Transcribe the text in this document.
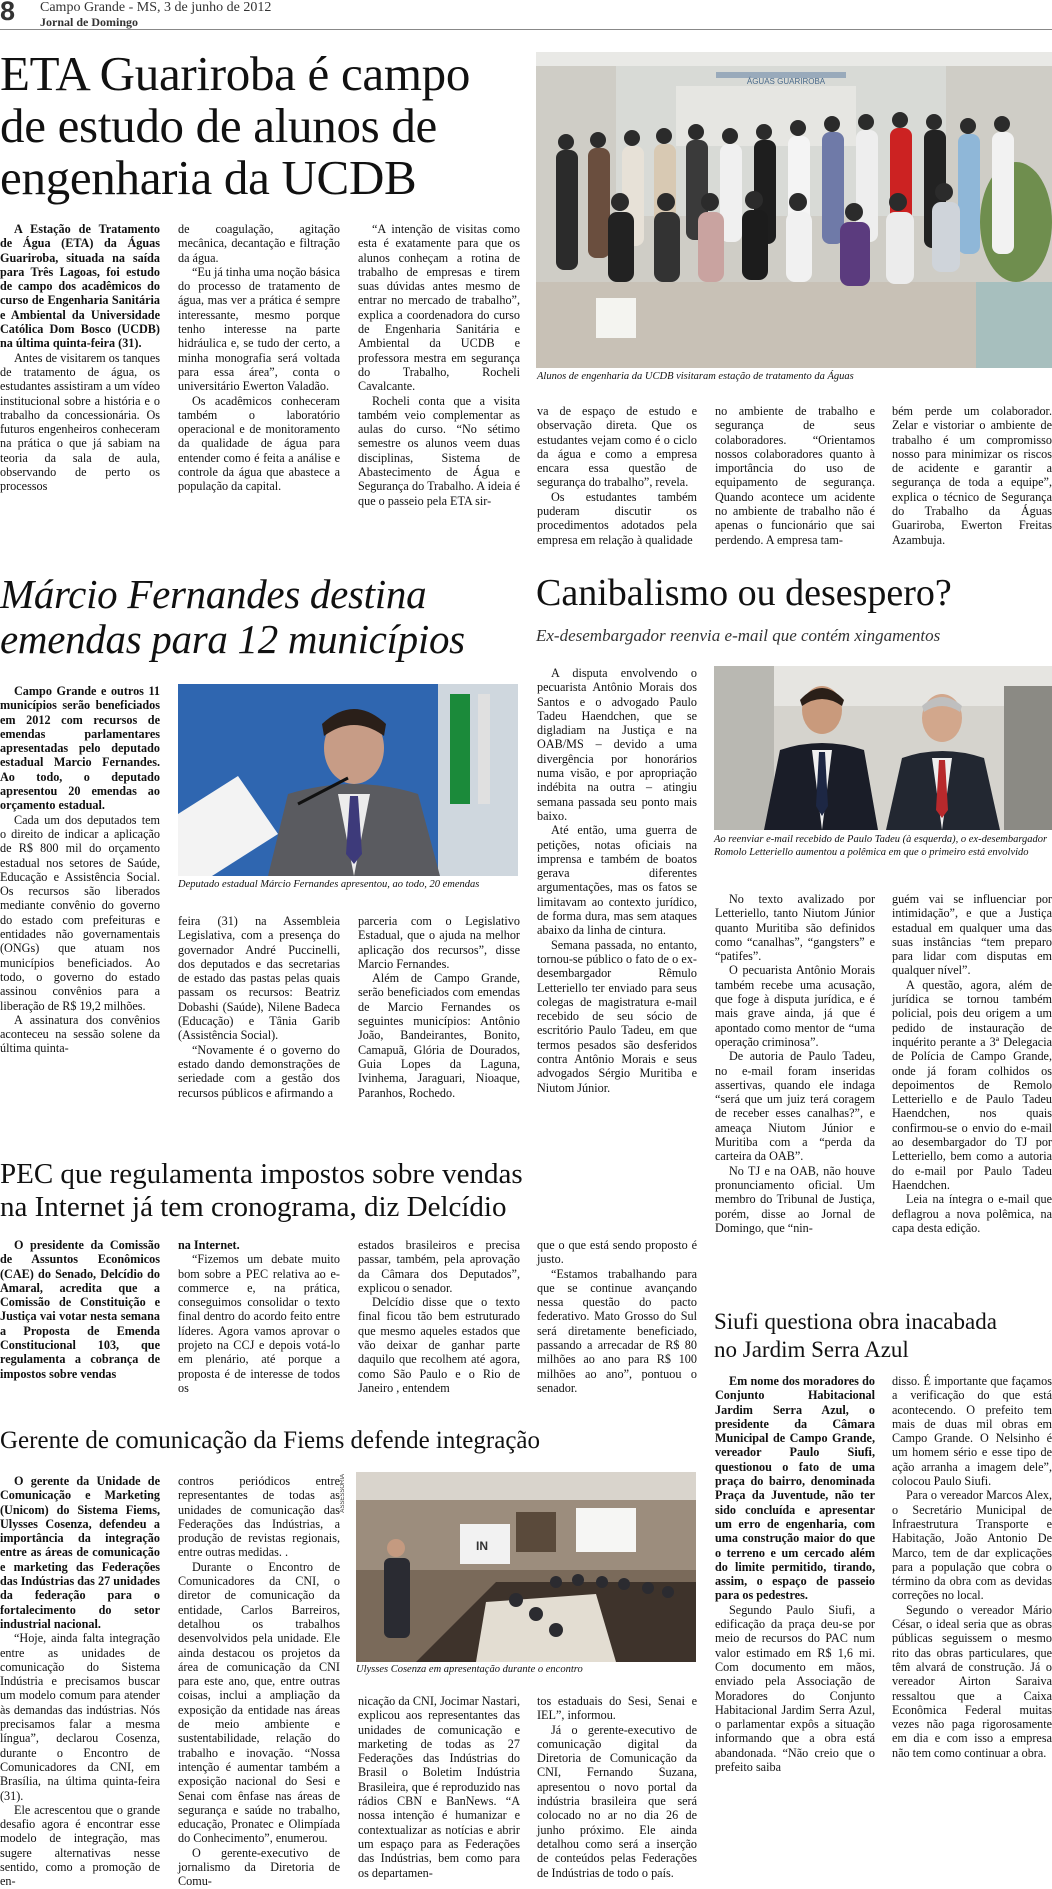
8 Campo Grande - MS, 3 de junho de 2012
Jornal de Domingo
ETA Guariroba é campo
de estudo de alunos de
engenharia da UCDB
ÁGUAS GUARIROBA
Alunos de engenharia da UCDB visitaram estação de tratamento da Águas

A Estação de Tratamento de Água (ETA) da Águas Guariroba, situada na saída para Três Lagoas, foi estudo de campo dos acadêmicos do curso de Engenharia Sanitária e Ambiental da Universidade Católica Dom Bosco (UCDB) na última quinta-feira (31).

Antes de visitarem os tanques de tratamento de água, os estudantes assistiram a um vídeo institucional sobre a história e o trabalho da concessionária. Os futuros engenheiros conheceram na prática o que já sabiam na teoria da sala de aula, observando de perto os processos

de coagulação, agitação mecânica, decantação e filtração da água.

“Eu já tinha uma noção básica do processo de tratamento de água, mas ver a prática é sempre interessante, mesmo porque tenho interesse na parte hidráulica e, se tudo der certo, a minha monografia será voltada para essa área”, conta o universitário Ewerton Valadão.

Os acadêmicos conheceram também o laboratório operacional e de monitoramento da qualidade de água para entender como é feita a análise e controle da água que abastece a população da capital.

“A intenção de visitas como esta é exatamente para que os alunos conheçam a rotina de trabalho de empresas e tirem suas dúvidas antes mesmo de entrar no mercado de trabalho”, explica a coordenadora do curso de Engenharia Sanitária e Ambiental da UCDB e professora mestra em segurança do Trabalho, Rocheli Cavalcante.

Rocheli conta que a visita também veio complementar as aulas do curso. “No sétimo semestre os alunos veem duas disciplinas, Sistema de Abastecimento de Água e Segurança do Trabalho. A ideia é que o passeio pela ETA sir-

va de espaço de estudo e observação direta. Que os estudantes vejam como é o ciclo da água e como a empresa encara essa questão de segurança do trabalho”, revela.

Os estudantes também puderam discutir os procedimentos adotados pela empresa em relação à qualidade

no ambiente de trabalho e segurança de seus colaboradores. “Orientamos nossos colaboradores quanto à importância do uso de equipamento de segurança. Quando acontece um acidente no ambiente de trabalho não é apenas o funcionário que sai perdendo. A empresa tam-

bém perde um colaborador. Zelar e vistoriar o ambiente de trabalho é um compromisso nosso para minimizar os riscos de acidente e garantir a segurança de toda a equipe”, explica o técnico de Segurança do Trabalho da Águas Guariroba, Ewerton Freitas Azambuja.

Márcio Fernandes destina
emendas para 12 municípios
Deputado estadual Márcio Fernandes apresentou, ao todo, 20 emendas

Campo Grande e outros 11 municípios serão beneficiados em 2012 com recursos de emendas parlamentares apresentadas pelo deputado estadual Marcio Fernandes. Ao todo, o deputado apresentou 20 emendas ao orçamento estadual.

Cada um dos deputados tem o direito de indicar a aplicação de R$ 800 mil do orçamento estadual nos setores de Saúde, Educação e Assistência Social. Os recursos são liberados mediante convênio do governo do estado com prefeituras e entidades não governamentais (ONGs) que atuam nos municípios beneficiados. Ao todo, o governo do estado assinou convênios para a liberação de R$ 19,2 milhões.

A assinatura dos convênios aconteceu na sessão solene da última quinta-

feira (31) na Assembleia Legislativa, com a presença do governador André Puccinelli, dos deputados e das secretarias de estado das pastas pelas quais passam os recursos: Beatriz Dobashi (Saúde), Nilene Badeca (Educação) e Tânia Garib (Assistência Social).

“Novamente é o governo do estado dando demonstrações de seriedade com a gestão dos recursos públicos e afirmando a

parceria com o Legislativo Estadual, que o ajuda na melhor aplicação dos recursos”, disse Marcio Fernandes.

Além de Campo Grande, serão beneficiados com emendas de Marcio Fernandes os seguintes municípios: Antônio João, Bandeirantes, Bonito, Camapuã, Glória de Dourados, Guia Lopes da Laguna, Ivinhema, Jaraguari, Nioaque, Paranhos, Rochedo.

Canibalismo ou desespero?
Ex-desembargador reenvia e-mail que contém xingamentos
Ao reenviar e-mail recebido de Paulo Tadeu (à esquerda), o ex-desembargador Romolo Letteriello aumentou a polêmica em que o primeiro está envolvido

A disputa envolvendo o pecuarista Antônio Morais dos Santos e o advogado Paulo Tadeu Haendchen, que se digladiam na Justiça e na OAB/MS – devido a uma divergência por honorários numa visão, e por apropriação indébita na outra – atingiu semana passada seu ponto mais baixo.

Até então, uma guerra de petições, notas oficiais na imprensa e também de boatos gerava diferentes argumentações, mas os fatos se limitavam ao contexto jurídico, de forma dura, mas sem ataques abaixo da linha de cintura.

Semana passada, no entanto, tornou-se público o fato de o ex-desembargador Rêmulo Letteriello ter enviado para seus colegas de magistratura e-mail recebido de seu sócio de escritório Paulo Tadeu, em que termos pesados são desferidos contra Antônio Morais e seus advogados Sérgio Muritiba e Niutom Júnior.

No texto avalizado por Letteriello, tanto Niutom Júnior quanto Muritiba são definidos como “canalhas”, “gangsters” e “patifes”.

O pecuarista Antônio Morais também recebe uma acusação, que foge à disputa jurídica, e é mais grave ainda, já que é apontado como mentor de “uma operação criminosa”.

De autoria de Paulo Tadeu, no e-mail foram inseridas assertivas, quando ele indaga “será que um juiz terá coragem de receber esses canalhas?”, e ameaça Niutom Júnior e Muritiba com a “perda da carteira da OAB”.

No TJ e na OAB, não houve pronunciamento oficial. Um membro do Tribunal de Justiça, porém, disse ao Jornal de Domingo, que “nin-

guém vai se influenciar por intimidação”, e que a Justiça estadual em qualquer uma das suas instâncias “tem preparo para lidar com disputas em qualquer nível”.

A questão, agora, além de jurídica se tornou também policial, pois deu origem a um pedido de instauração de inquérito perante a 3ª Delegacia de Polícia de Campo Grande, onde já foram colhidos os depoimentos de Remolo Letteriello e de Paulo Tadeu Haendchen, nos quais confirmou-se o envio do e-mail ao desembargador do TJ por Letteriello, bem como a autoria do e-mail por Paulo Tadeu Haendchen.

Leia na íntegra o e-mail que deflagrou a nova polêmica, na capa desta edição.

PEC que regulamenta impostos sobre vendas
na Internet já tem cronograma, diz Delcídio

O presidente da Comissão de Assuntos Econômicos (CAE) do Senado, Delcídio do Amaral, acredita que a Comissão de Constituição e Justiça vai votar nesta semana a Proposta de Emenda Constitucional 103, que regulamenta a cobrança de impostos sobre vendas

na Internet.

“Fizemos um debate muito bom sobre a PEC relativa ao e-commerce e, na prática, conseguimos consolidar o texto final dentro do acordo feito entre líderes. Agora vamos aprovar o projeto na CCJ e depois votá-lo em plenário, até porque a proposta é de interesse de todos os

estados brasileiros e precisa passar, também, pela aprovação da Câmara dos Deputados”, explicou o senador.

Delcídio disse que o texto final ficou tão bem estruturado que mesmo aqueles estados que vão deixar de ganhar parte daquilo que recolhem até agora, como São Paulo e o Rio de Janeiro , entendem

que o que está sendo proposto é justo.

“Estamos trabalhando para que se continue avançando nessa questão do pacto federativo. Mato Grosso do Sul será diretamente beneficiado, passando a arrecadar de R$ 80 milhões ao ano para R$ 100 milhões ao ano”, pontuou o senador.

Siufi questiona obra inacabada
no Jardim Serra Azul

Em nome dos moradores do Conjunto Habitacional Jardim Serra Azul, o presidente da Câmara Municipal de Campo Grande, vereador Paulo Siufi, questionou o fato de uma praça do bairro, denominada Praça da Juventude, não ter sido concluída e apresentar um erro de engenharia, com uma construção maior do que o terreno e um cercado além do limite permitido, tirando, assim, o espaço de passeio para os pedestres.

Segundo Paulo Siufi, a edificação da praça deu-se por meio de recursos do PAC num valor estimado em R$ 1,6 mi. Com documento em mãos, enviado pela Associação de Moradores do Conjunto Habitacional Jardim Serra Azul, o parlamentar expôs a situação informando que a obra está abandonada. “Não creio que o prefeito saiba

disso. É importante que façamos a verificação do que está acontecendo. O prefeito tem mais de duas mil obras em Campo Grande. O Nelsinho é um homem sério e esse tipo de ação arranha a imagem dele”, colocou Paulo Siufi.

Para o vereador Marcos Alex, o Secretário Municipal de Infraestrutura Transporte e Habitação, João Antonio De Marco, tem de dar explicações para a população que cobra o término da obra com as devidas correções no local.

Segundo o vereador Mário César, o ideal seria que as obras públicas seguissem o mesmo rito das obras particulares, que têm alvará de construção. Já o vereador Airton Saraiva ressaltou que a Caixa Econômica Federal muitas vezes não paga rigorosamente em dia e com isso a empresa não tem como continuar a obra.

Gerente de comunicação da Fiems defende integração
IN
ASSESSORIA
Ulysses Cosenza em apresentação durante o encontro

O gerente da Unidade de Comunicação e Marketing (Unicom) do Sistema Fiems, Ulysses Cosenza, defendeu a importância da integração entre as áreas de comunicação e marketing das Federações das Indústrias das 27 unidades da federação para o fortalecimento do setor industrial nacional.

“Hoje, ainda falta integração entre as unidades de comunicação do Sistema Indústria e precisamos buscar um modelo comum para atender às demandas das indústrias. Nós precisamos falar a mesma língua”, declarou Cosenza, durante o Encontro de Comunicadores da CNI, em Brasília, na última quinta-feira (31).

Ele acrescentou que o grande desafio agora é encontrar esse modelo de integração, mas sugere alternativas nesse sentido, como a promoção de en-

contros periódicos entre representantes de todas as unidades de comunicação das Federações das Indústrias, a produção de revistas regionais, entre outras medidas. .

Durante o Encontro de Comunicadores da CNI, o diretor de comunicação da entidade, Carlos Barreiros, detalhou os trabalhos desenvolvidos pela unidade. Ele ainda destacou os projetos da área de comunicação da CNI para este ano, que, entre outras coisas, inclui a ampliação da exposição da entidade nas áreas de meio ambiente e sustentabilidade, relação do trabalho e inovação. “Nossa intenção é aumentar também a exposição nacional do Sesi e Senai com ênfase nas áreas de segurança e saúde no trabalho, educação, Pronatec e Olimpíada do Conhecimento”, enumerou.

O gerente-executivo de jornalismo da Diretoria de Comu-

nicação da CNI, Jocimar Nastari, explicou aos representantes das unidades de comunicação e marketing de todas as 27 Federações das Indústrias do Brasil o Boletim Indústria Brasileira, que é reproduzido nas rádios CBN e BanNews. “A nossa intenção é humanizar e contextualizar as notícias e abrir um espaço para as Federações das Indústrias, bem como para os departamen-

tos estaduais do Sesi, Senai e IEL”, informou.

Já o gerente-executivo de comunicação digital da Diretoria de Comunicação da CNI, Fernando Suzana, apresentou o novo portal da indústria brasileira que será colocado no ar no dia 26 de junho próximo. Ele ainda detalhou como será a inserção de conteúdos pelas Federações de Indústrias de todo o país.
